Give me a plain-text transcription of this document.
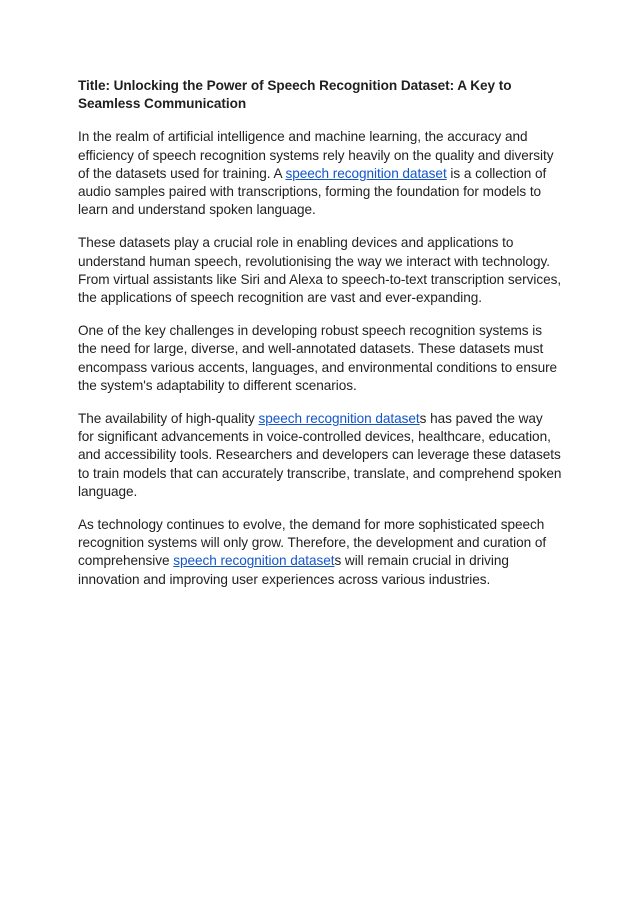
Title: Unlocking the Power of Speech Recognition Dataset: A Key to Seamless Communication

In the realm of artificial intelligence and machine learning, the accuracy and efficiency of speech recognition systems rely heavily on the quality and diversity of the datasets used for training. A speech recognition dataset is a collection of audio samples paired with transcriptions, forming the foundation for models to learn and understand spoken language.

These datasets play a crucial role in enabling devices and applications to understand human speech, revolutionising the way we interact with technology. From virtual assistants like Siri and Alexa to speech-to-text transcription services, the applications of speech recognition are vast and ever-expanding.

One of the key challenges in developing robust speech recognition systems is the need for large, diverse, and well-annotated datasets. These datasets must encompass various accents, languages, and environmental conditions to ensure the system's adaptability to different scenarios.

The availability of high-quality speech recognition datasets has paved the way for significant advancements in voice-controlled devices, healthcare, education, and accessibility tools. Researchers and developers can leverage these datasets to train models that can accurately transcribe, translate, and comprehend spoken language.

As technology continues to evolve, the demand for more sophisticated speech recognition systems will only grow. Therefore, the development and curation of comprehensive speech recognition datasets will remain crucial in driving innovation and improving user experiences across various industries.
